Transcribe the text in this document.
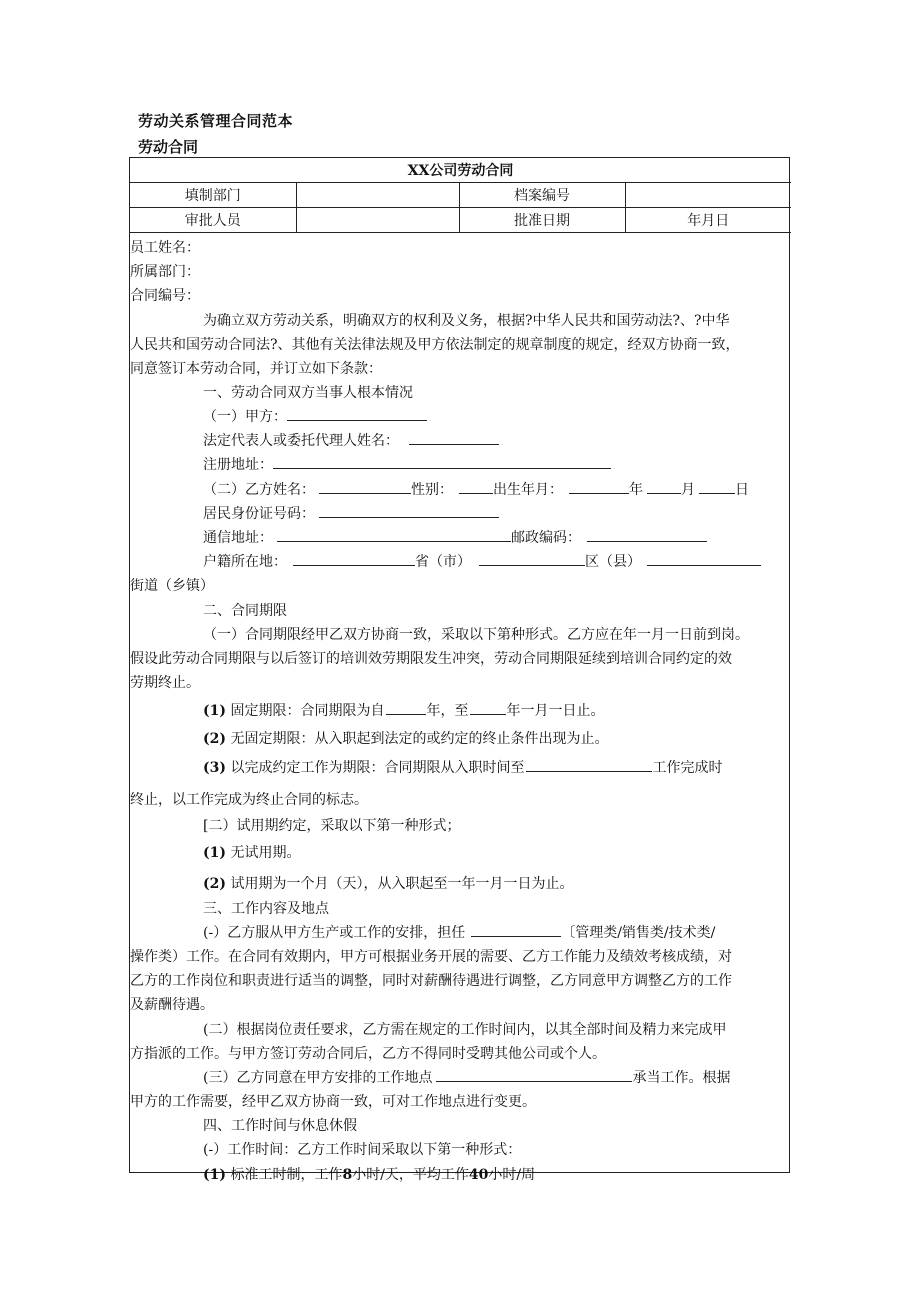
劳动关系管理合同范本
劳动合同
XX公司劳动合同			
填制部门		档案编号	
审批人员		批准日期	年月日
员工姓名：
所属部门：
合同编号：
为确立双方劳动关系，明确双方的权利及义务，根据?中华人民共和国劳动法?、?中华
人民共和国劳动合同法?、其他有关法律法规及甲方依法制定的规章制度的规定，经双方协商一致，
同意签订本劳动合同，并订立如下条款：
一、劳动合同双方当事人根本情况
（一）甲方：
法定代表人或委托代理人姓名：
注册地址：
（二）乙方姓名：	性别：	出生年月：	年	月	日
居民身份证号码：
通信地址：	邮政编码：
户籍所在地：	省（市）	区（县）
街道（乡镇）
二、合同期限
（一）合同期限经甲乙双方协商一致，采取以下第种形式。乙方应在年一月一日前到岗。
假设此劳动合同期限与以后签订的培训效劳期限发生冲突，劳动合同期限延续到培训合同约定的效
劳期终止。
(1) 固定期限：合同期限为自	年，至	年一月一日止。
(2) 无固定期限：从入职起到法定的或约定的终止条件出现为止。
(3) 以完成约定工作为期限：合同期限从入职时间至	工作完成时
终止，以工作完成为终止合同的标志。
[二）试用期约定，采取以下第一种形式；
(1) 无试用期。
(2) 试用期为一个月（天），从入职起至一年一月一日为止。
三、工作内容及地点
(-）乙方服从甲方生产或工作的安排，担任	〔管理类/销售类/技术类/
操作类）工作。在合同有效期内，甲方可根据业务开展的需要、乙方工作能力及绩效考核成绩，对
乙方的工作岗位和职责进行适当的调整，同时对薪酬待遇进行调整，乙方同意甲方调整乙方的工作
及薪酬待遇。
(二）根据岗位责任要求，乙方需在规定的工作时间内，以其全部时间及精力来完成甲
方指派的工作。与甲方签订劳动合同后，乙方不得同时受聘其他公司或个人。
(三）乙方同意在甲方安排的工作地点	承当工作。根据
甲方的工作需要，经甲乙双方协商一致，可对工作地点进行变更。
四、工作时间与休息休假
(-）工作时间：乙方工作时间采取以下第一种形式：
(1) 标准工时制，工作8小时/天，平均工作40小时/周
